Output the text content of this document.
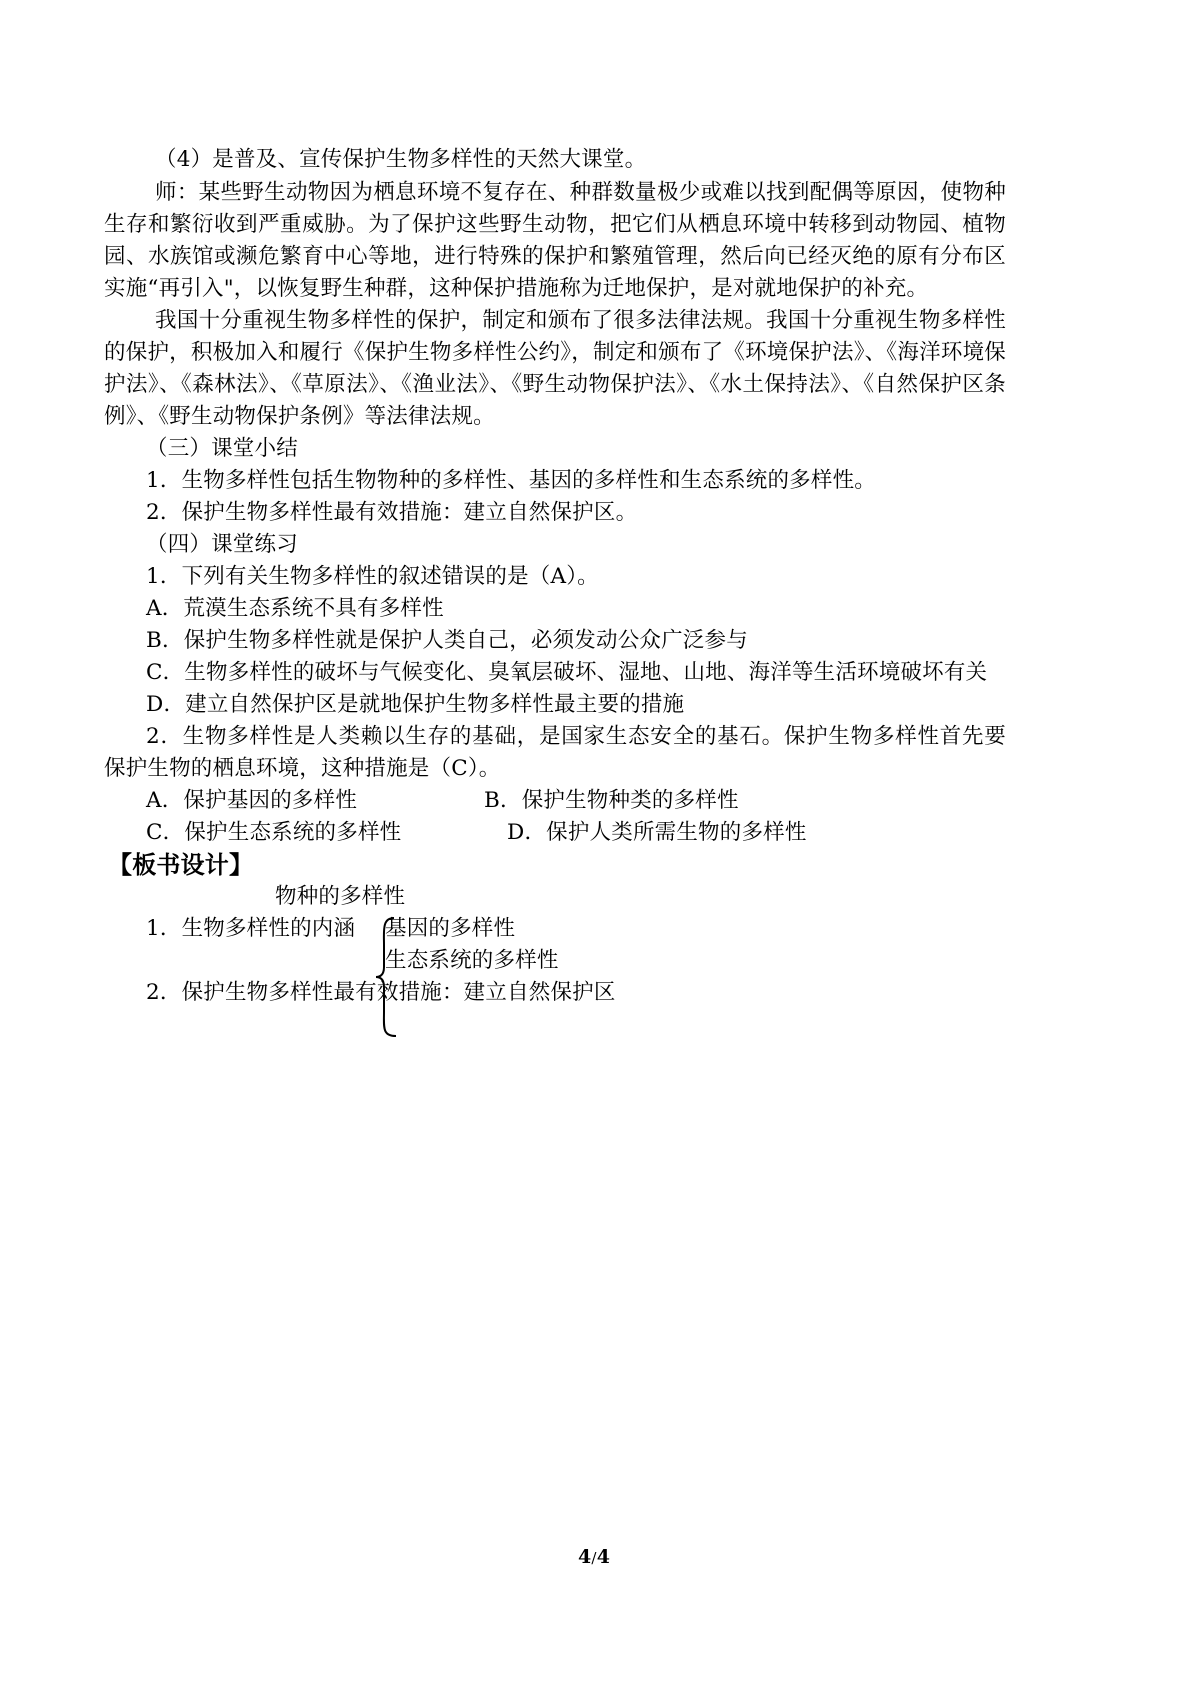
（4）是普及、宣传保护生物多样性的天然大课堂。
师：某些野生动物因为栖息环境不复存在、种群数量极少或难以找到配偶等原因，使物种
生存和繁衍收到严重威胁。为了保护这些野生动物，把它们从栖息环境中转移到动物园、植物
园、水族馆或濒危繁育中心等地，进行特殊的保护和繁殖管理，然后向已经灭绝的原有分布区
实施“再引入"，以恢复野生种群，这种保护措施称为迁地保护，是对就地保护的补充。
我国十分重视生物多样性的保护，制定和颁布了很多法律法规。我国十分重视生物多样性
的保护，积极加入和履行《保护生物多样性公约》，制定和颁布了《环境保护法》、《海洋环境保
护法》、《森林法》、《草原法》、《渔业法》、《野生动物保护法》、《水土保持法》、《自然保护区条
例》、《野生动物保护条例》等法律法规。
（三）课堂小结
1．生物多样性包括生物物种的多样性、基因的多样性和生态系统的多样性。
2．保护生物多样性最有效措施：建立自然保护区。
（四）课堂练习
1．下列有关生物多样性的叙述错误的是（A）。
A．荒漠生态系统不具有多样性
B．保护生物多样性就是保护人类自己，必须发动公众广泛参与
C．生物多样性的破坏与气候变化、臭氧层破坏、湿地、山地、海洋等生活环境破坏有关
D．建立自然保护区是就地保护生物多样性最主要的措施
2．生物多样性是人类赖以生存的基础，是国家生态安全的基石。保护生物多样性首先要
保护生物的栖息环境，这种措施是（C）。
A．保护基因的多样性	B．保护生物种类的多样性
C．保护生态系统的多样性	D．保护人类所需生物的多样性
【板书设计】
物种的多样性
1．生物多样性的内涵 基因的多样性
生态系统的多样性
2．保护生物多样性最有效措施：建立自然保护区
4/4
